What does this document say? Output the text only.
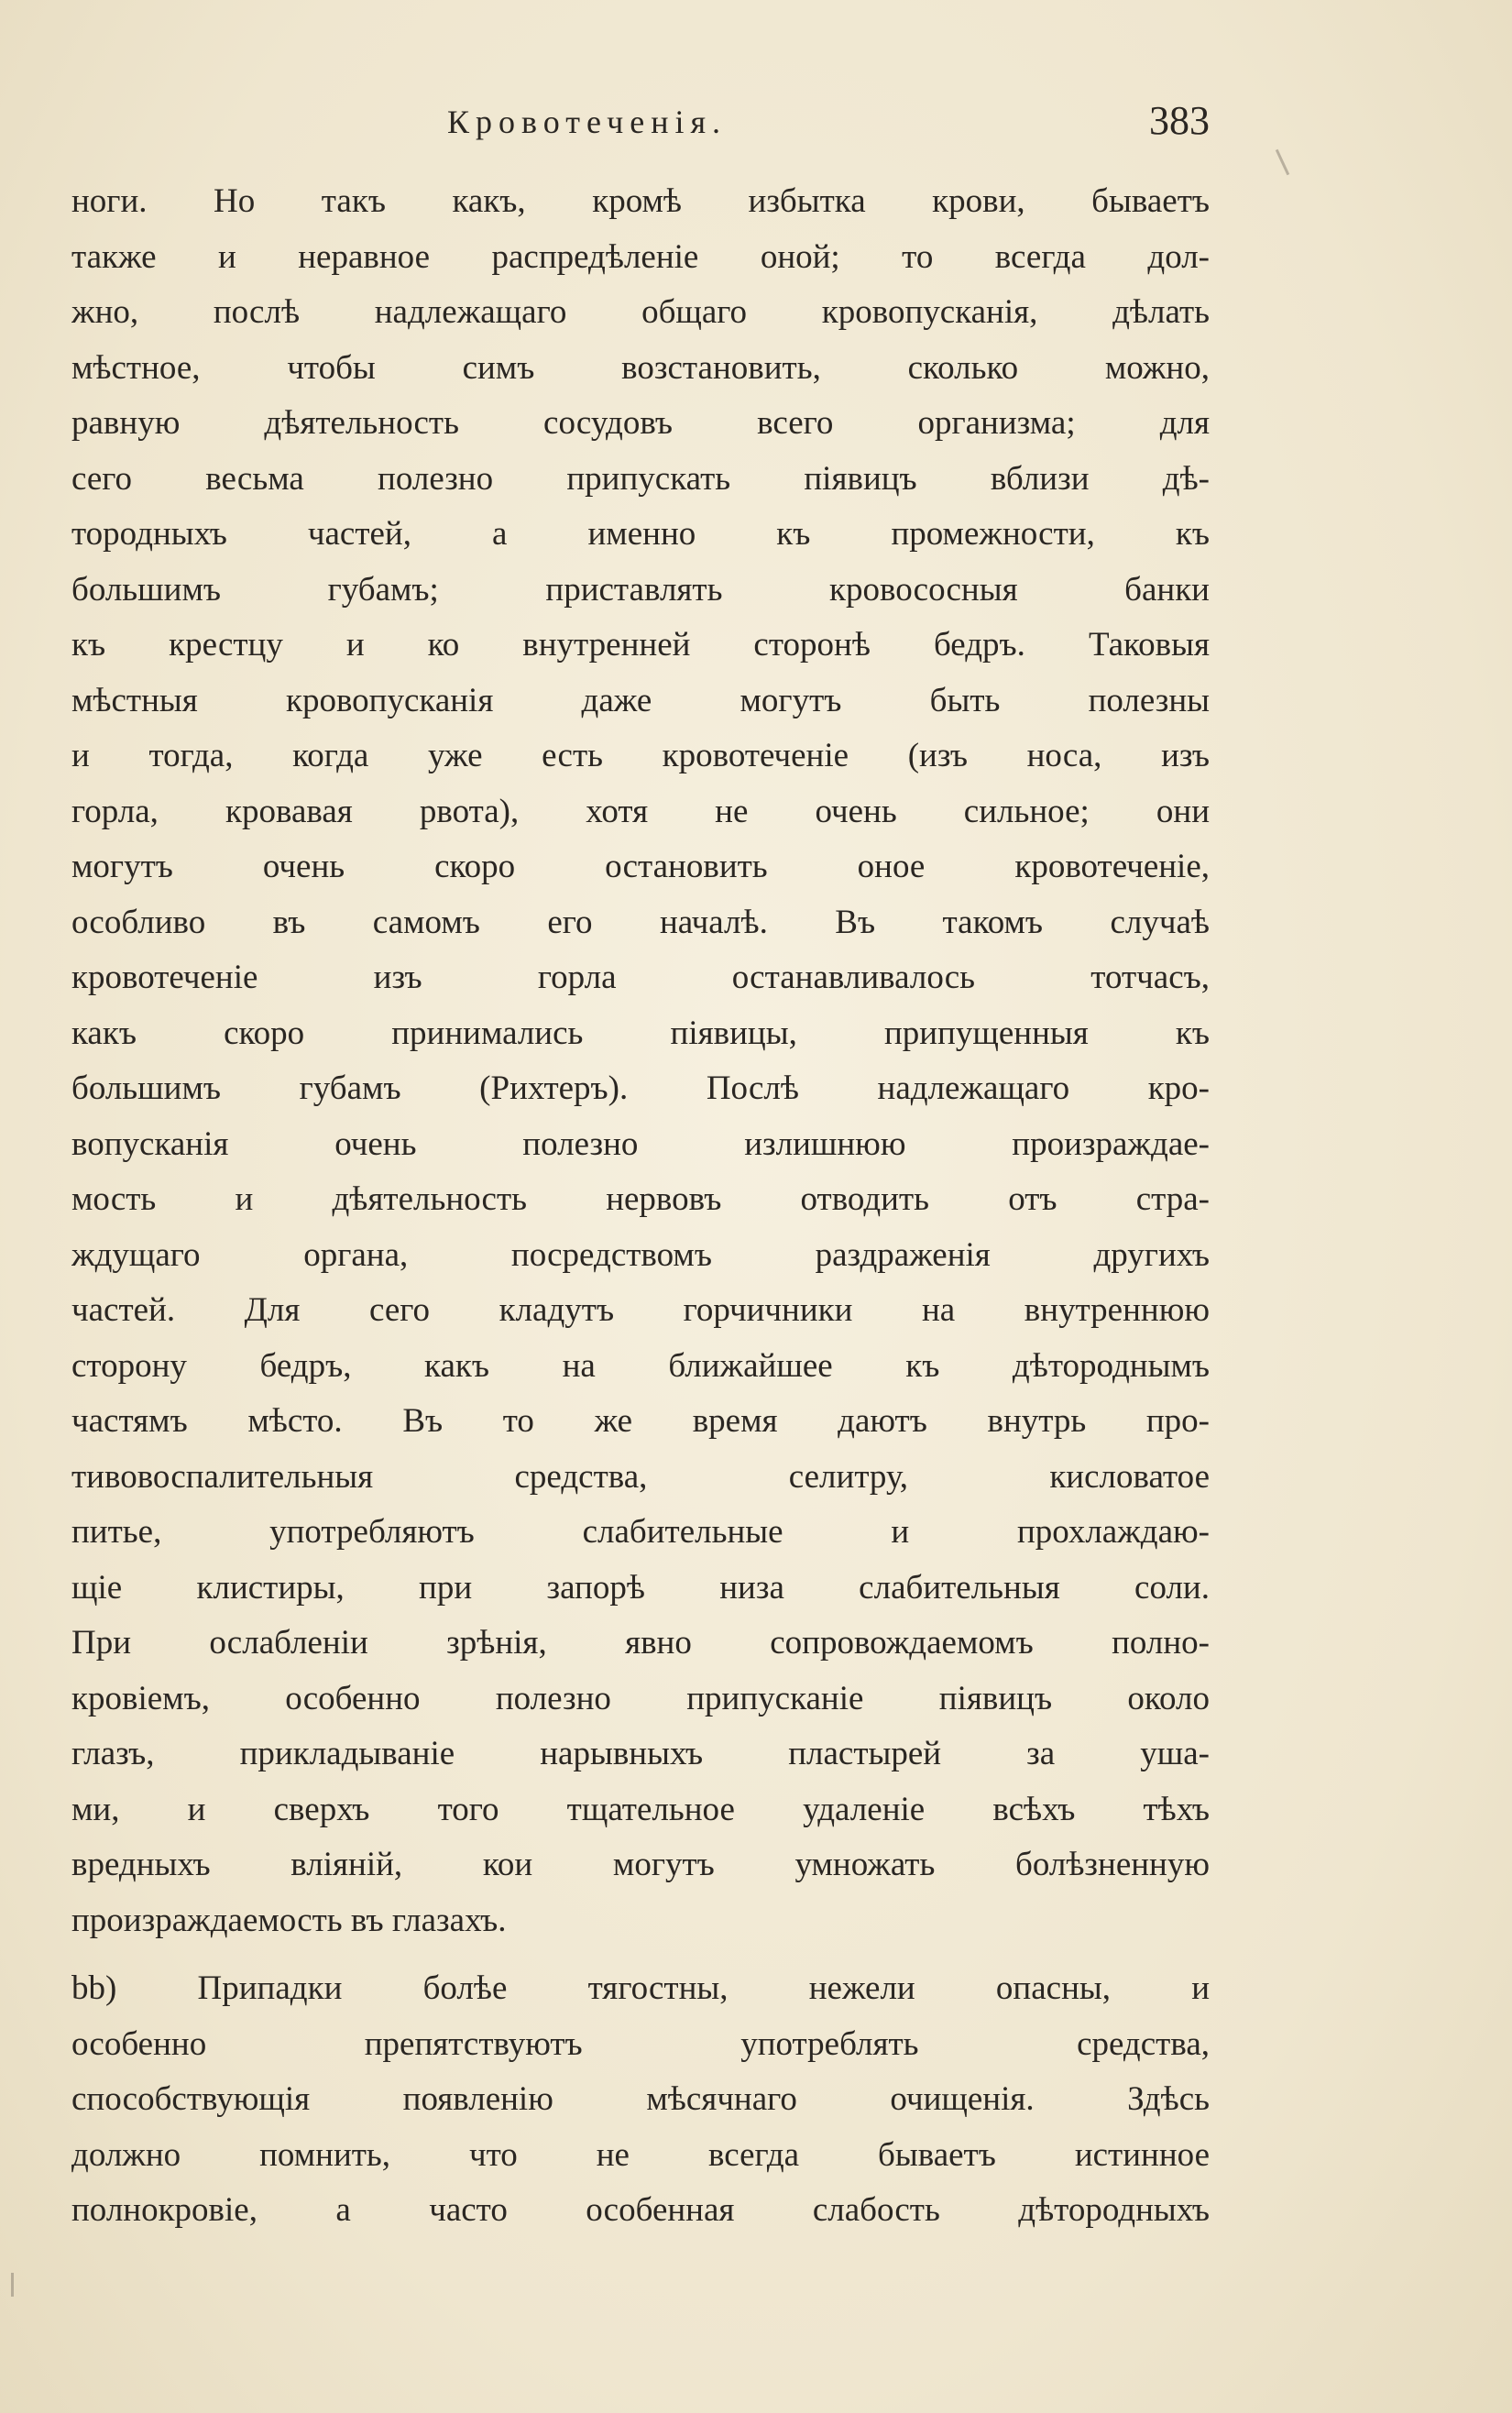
Кровотеченія.	383
ноги. Но такъ какъ, кромѣ избытка крови, бываетъ
также и неравное распредѣленіе оной; то всегда дол-
жно, послѣ надлежащаго общаго кровопусканія, дѣлать
мѣстное, чтобы симъ возстановить, сколько можно,
равную дѣятельность сосудовъ всего организма; для
сего весьма полезно припускать піявицъ вблизи дѣ-
тородныхъ частей, а именно къ промежности, къ
большимъ губамъ; приставлять кровососныя банки
къ крестцу и ко внутренней сторонѣ бедръ. Таковыя
мѣстныя кровопусканія даже могутъ быть полезны
и тогда, когда уже есть кровотеченіе (изъ носа, изъ
горла, кровавая рвота), хотя не очень сильное; они
могутъ очень скоро остановить оное кровотеченіе,
особливо въ самомъ его началѣ. Въ такомъ случаѣ
кровотеченіе изъ горла останавливалось тотчасъ,
какъ скоро принимались піявицы, припущенныя къ
большимъ губамъ (Рихтеръ). Послѣ надлежащаго кро-
вопусканія очень полезно излишнюю произраждае-
мость и дѣятельность нервовъ отводить отъ стра-
ждущаго органа, посредствомъ раздраженія другихъ
частей. Для сего кладутъ горчичники на внутреннюю
сторону бедръ, какъ на ближайшее къ дѣтороднымъ
частямъ мѣсто. Въ то же время даютъ внутрь про-
тивовоспалительныя средства, селитру, кисловатое
питье, употребляютъ слабительные и прохлаждаю-
щіе клистиры, при запорѣ низа слабительныя соли.
При ослабленіи зрѣнія, явно сопровождаемомъ полно-
кровіемъ, особенно полезно припусканіе піявицъ около
глазъ, прикладываніе нарывныхъ пластырей за уша-
ми, и сверхъ того тщательное удаленіе всѣхъ тѣхъ
вредныхъ вліяній, кои могутъ умножать болѣзненную
произраждаемость въ глазахъ.
bb) Припадки болѣе тягостны, нежели опасны, и
особенно препятствуютъ употреблять средства,
способствующія появленію мѣсячнаго очищенія. Здѣсь
должно помнить, что не всегда бываетъ истинное
полнокровіе, а часто особенная слабость дѣтородныхъ
